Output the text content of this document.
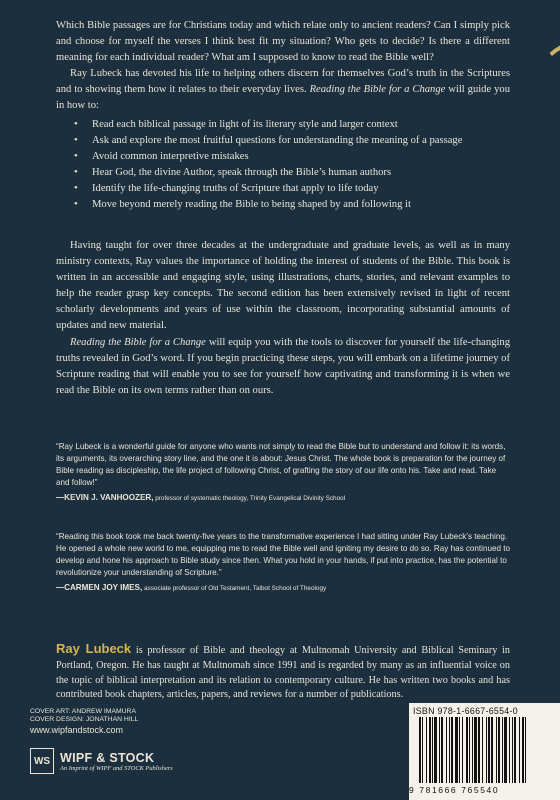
Which Bible passages are for Christians today and which relate only to ancient readers? Can I simply pick and choose for myself the verses I think best fit my situation? Who gets to decide? Is there a different meaning for each individual reader? What am I supposed to know to read the Bible well?

Ray Lubeck has devoted his life to helping others discern for themselves God’s truth in the Scriptures and to showing them how it relates to their everyday lives. Reading the Bible for a Change will guide you in how to:

• Read each biblical passage in light of its literary style and larger context
• Ask and explore the most fruitful questions for understanding the meaning of a passage
• Avoid common interpretive mistakes
• Hear God, the divine Author, speak through the Bible’s human authors
• Identify the life-changing truths of Scripture that apply to life today
• Move beyond merely reading the Bible to being shaped by and following it

Having taught for over three decades at the undergraduate and graduate levels, as well as in many ministry contexts, Ray values the importance of holding the interest of students of the Bible. This book is written in an accessible and engaging style, using illustrations, charts, stories, and relevant examples to help the reader grasp key concepts. The second edition has been extensively revised in light of recent scholarly developments and years of use within the classroom, incorporating substantial amounts of updates and new material.

Reading the Bible for a Change will equip you with the tools to discover for yourself the life-changing truths revealed in God’s word. If you begin practicing these steps, you will embark on a lifetime journey of Scripture reading that will enable you to see for yourself how captivating and transforming it is when we read the Bible on its own terms rather than on ours.

“Ray Lubeck is a wonderful guide for anyone who wants not simply to read the Bible but to understand and follow it: its words, its arguments, its overarching story line, and the one it is about: Jesus Christ. The whole book is preparation for the journey of Bible reading as discipleship, the life project of following Christ, of grafting the story of our life onto his. Take and read. Take and follow!”

—KEVIN J. VANHOOZER, professor of systematic theology, Trinity Evangelical Divinity School

“Reading this book took me back twenty-five years to the transformative experience I had sitting under Ray Lubeck’s teaching. He opened a whole new world to me, equipping me to read the Bible well and igniting my desire to do so. Ray has continued to develop and hone his approach to Bible study since then. What you hold in your hands, if put into practice, has the potential to revolutionize your understanding of Scripture.”

—CARMEN JOY IMES, associate professor of Old Testament, Talbot School of Theology
Ray Lubeck is professor of Bible and theology at Multnomah University and Biblical Seminary in Portland, Oregon. He has taught at Multnomah since 1991 and is regarded by many as an influential voice on the topic of biblical interpretation and its relation to contemporary culture. He has written two books and has contributed book chapters, articles, papers, and reviews for a number of publications.
COVER ART: ANDREW IMAMURA
COVER DESIGN: JONATHAN HILL
www.wipfandstock.com
WS WIPF & STOCK
An Imprint of WIPF and STOCK Publishers
ISBN 978-1-6667-6554-0
9 781666 765540
